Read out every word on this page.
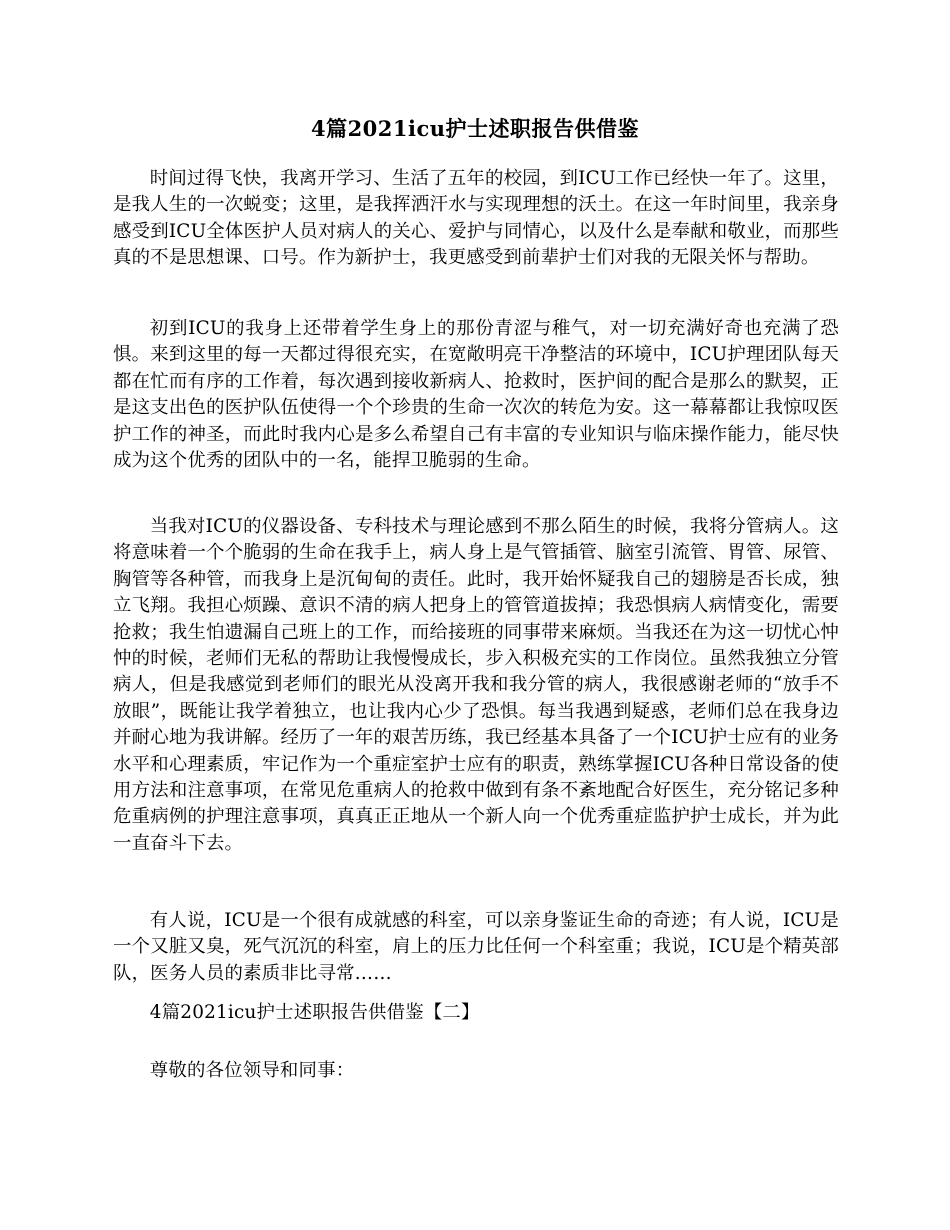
4篇2021icu护士述职报告供借鉴

时间过得飞快，我离开学习、生活了五年的校园，到ICU工作已经快一年了。这里，是我人生的一次蜕变；这里，是我挥洒汗水与实现理想的沃土。在这一年时间里，我亲身感受到ICU全体医护人员对病人的关心、爱护与同情心，以及什么是奉献和敬业，而那些真的不是思想课、口号。作为新护士，我更感受到前辈护士们对我的无限关怀与帮助。

初到ICU的我身上还带着学生身上的那份青涩与稚气，对一切充满好奇也充满了恐惧。来到这里的每一天都过得很充实，在宽敞明亮干净整洁的环境中，ICU护理团队每天都在忙而有序的工作着，每次遇到接收新病人、抢救时，医护间的配合是那么的默契，正是这支出色的医护队伍使得一个个珍贵的生命一次次的转危为安。这一幕幕都让我惊叹医护工作的神圣，而此时我内心是多么希望自己有丰富的专业知识与临床操作能力，能尽快成为这个优秀的团队中的一名，能捍卫脆弱的生命。

当我对ICU的仪器设备、专科技术与理论感到不那么陌生的时候，我将分管病人。这将意味着一个个脆弱的生命在我手上，病人身上是气管插管、脑室引流管、胃管、尿管、胸管等各种管，而我身上是沉甸甸的责任。此时，我开始怀疑我自己的翅膀是否长成，独立飞翔。我担心烦躁、意识不清的病人把身上的管管道拔掉；我恐惧病人病情变化，需要抢救；我生怕遗漏自己班上的工作，而给接班的同事带来麻烦。当我还在为这一切忧心忡忡的时候，老师们无私的帮助让我慢慢成长，步入积极充实的工作岗位。虽然我独立分管病人，但是我感觉到老师们的眼光从没离开我和我分管的病人，我很感谢老师的“放手不放眼”，既能让我学着独立，也让我内心少了恐惧。每当我遇到疑惑，老师们总在我身边并耐心地为我讲解。经历了一年的艰苦历练，我已经基本具备了一个ICU护士应有的业务水平和心理素质，牢记作为一个重症室护士应有的职责，熟练掌握ICU各种日常设备的使用方法和注意事项，在常见危重病人的抢救中做到有条不紊地配合好医生，充分铭记多种危重病例的护理注意事项，真真正正地从一个新人向一个优秀重症监护护士成长，并为此一直奋斗下去。

有人说，ICU是一个很有成就感的科室，可以亲身鉴证生命的奇迹；有人说，ICU是一个又脏又臭，死气沉沉的科室，肩上的压力比任何一个科室重；我说，ICU是个精英部队，医务人员的素质非比寻常……

4篇2021icu护士述职报告供借鉴【二】

尊敬的各位领导和同事：
